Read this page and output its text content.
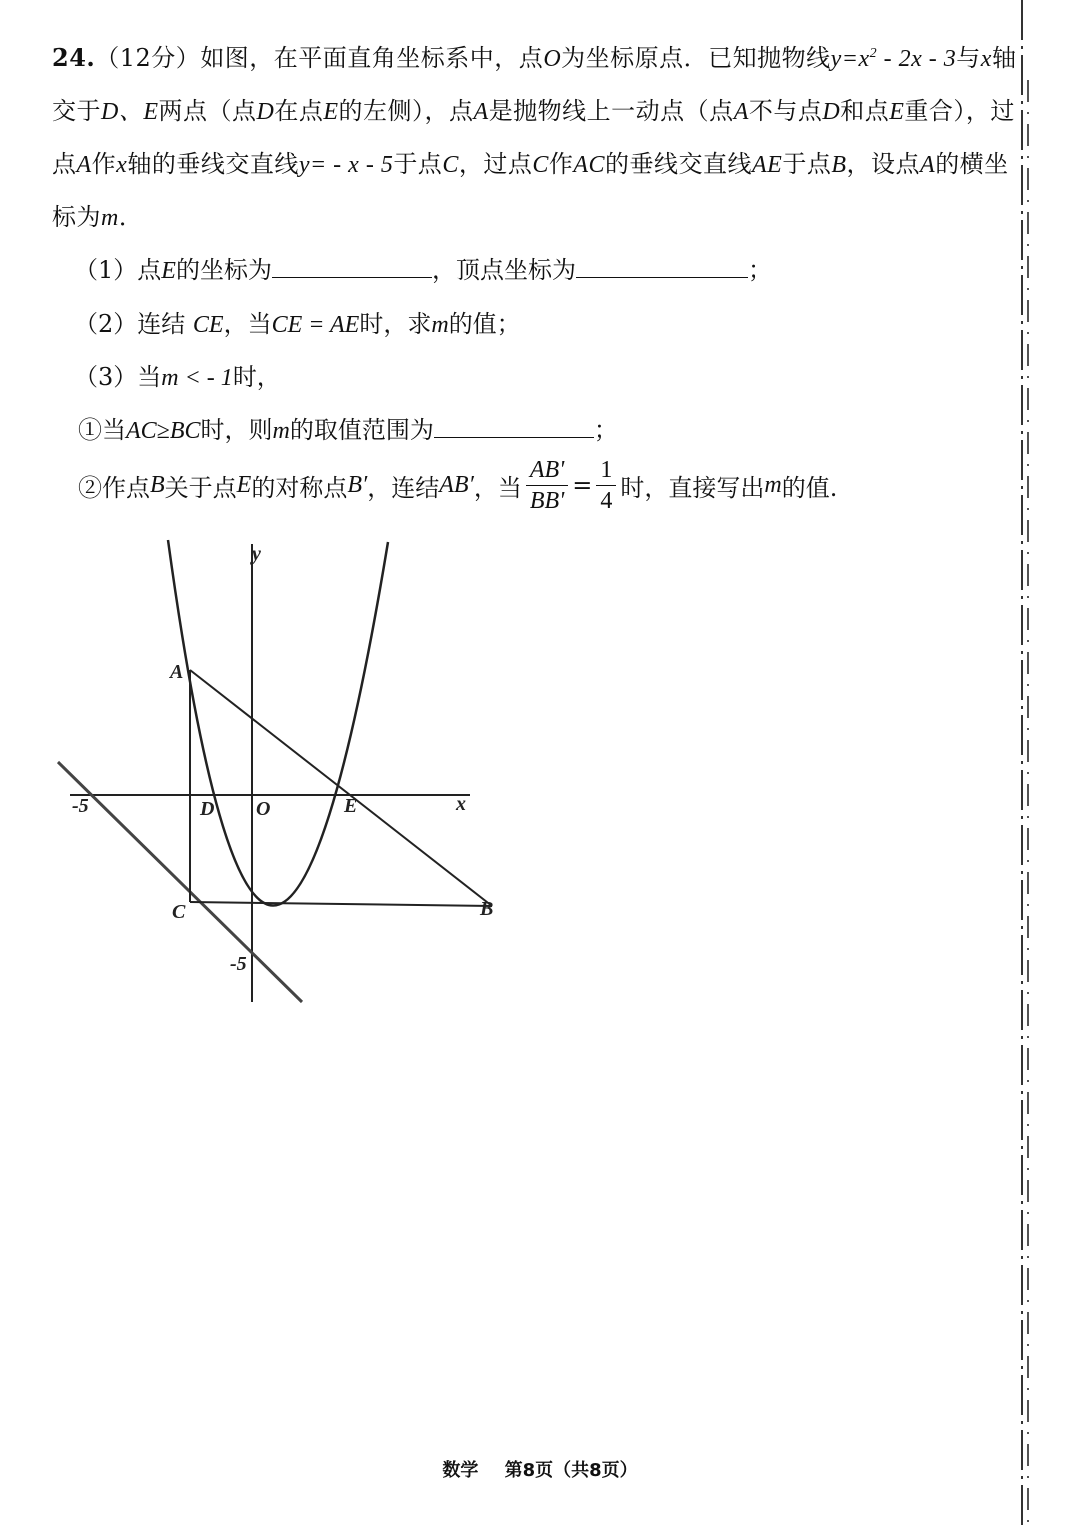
24.（12分）如图，在平面直角坐标系中，点O为坐标原点．已知抛物线$y=x^2 - 2x - 3$与x轴交于D、E两点（点D在点E的左侧），点A是抛物线上一动点（点A不与点D和点E重合），过点A作x轴的垂线交直线y= - x - 5于点C，过点C作AC的垂线交直线AE于点B，设点A的横坐标为m．
（1）点E的坐标为	，顶点坐标为	；
（2）连结 CE，当CE = AE时，求m的值；
（3）当m < - 1时，
①当AC≥BC时，则m的取值范围为	；
②作点B关于点E的对称点B′，连结AB′，当 $\frac{AB'}{BB'} = \frac{1}{4}$ 时，直接写出m的值.
y
x
O
A
B
C
D	E
-5
-5
数学 第8页（共8页）
